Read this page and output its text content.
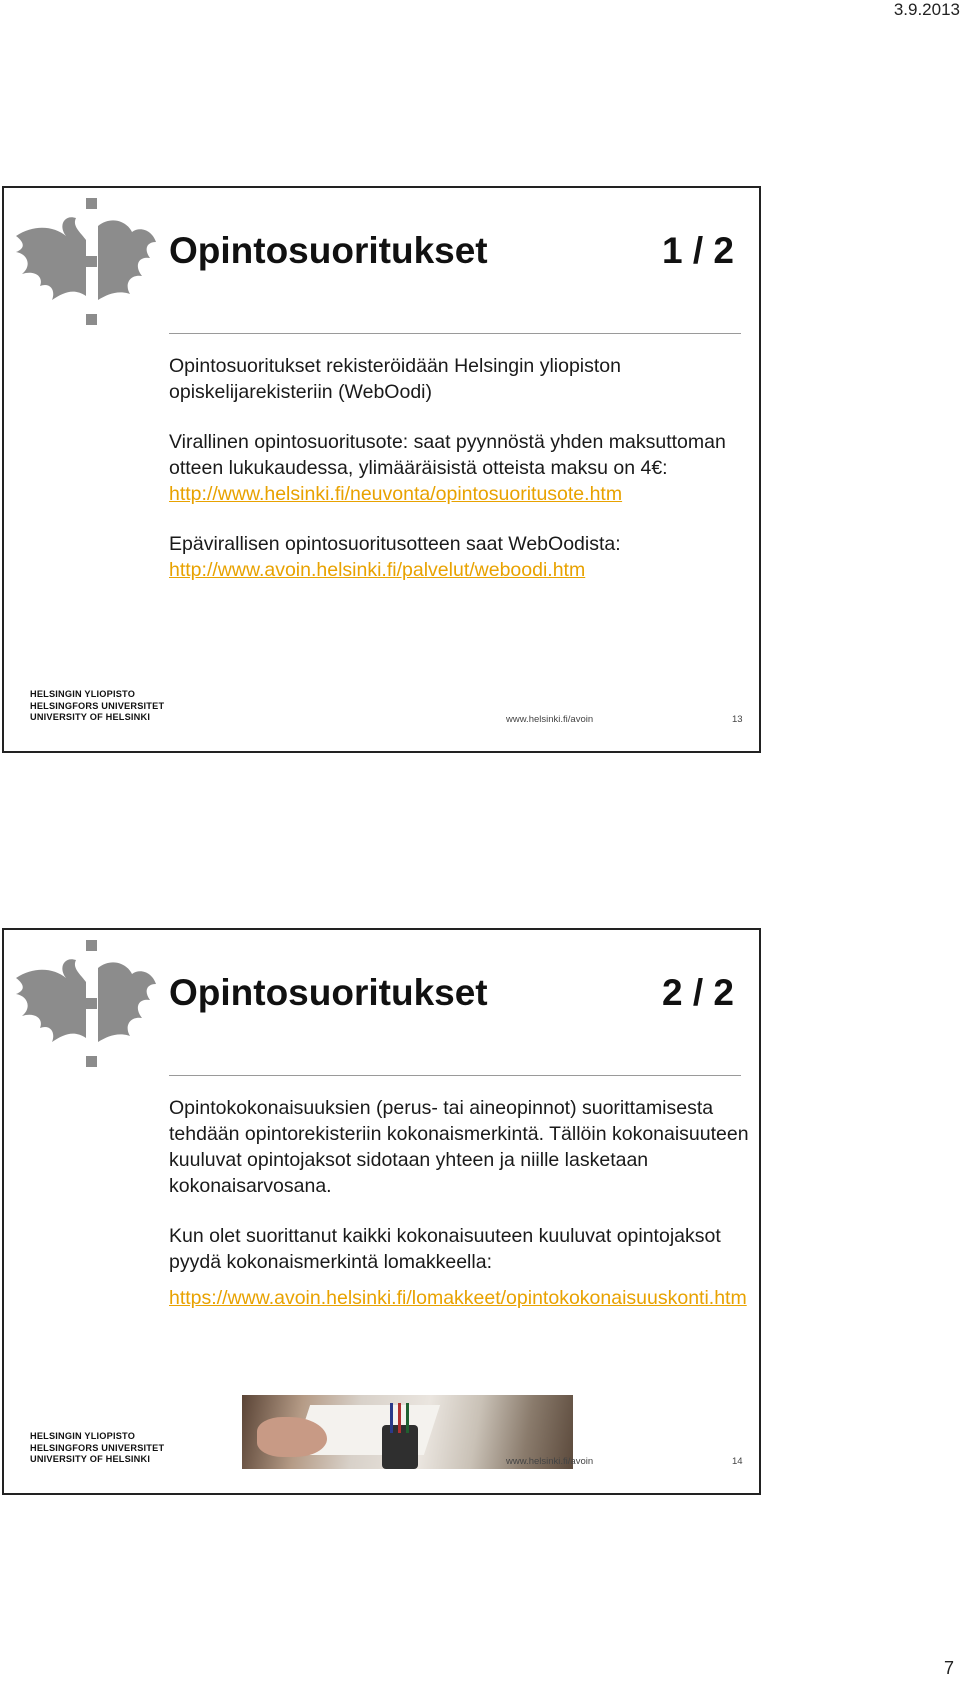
3.9.2013
Opintosuoritukset	1 / 2

Opintosuoritukset rekisteröidään Helsingin yliopiston opiskelijarekisteriin (WebOodi)

Virallinen opintosuoritusote: saat pyynnöstä yhden maksuttoman otteen lukukaudessa, ylimääräisistä otteista maksu on 4€:
http://www.helsinki.fi/neuvonta/opintosuoritusote.htm

Epävirallisen opintosuoritusotteen saat WebOodista:
http://www.avoin.helsinki.fi/palvelut/weboodi.htm

HELSINGIN YLIOPISTO
HELSINGFORS UNIVERSITET
UNIVERSITY OF HELSINKI	www.helsinki.fi/avoin	13
Opintosuoritukset	2 / 2

Opintokokonaisuuksien (perus- tai aineopinnot) suorittamisesta tehdään opintorekisteriin kokonaismerkintä. Tällöin kokonaisuuteen kuuluvat opintojaksot sidotaan yhteen ja niille lasketaan kokonaisarvosana.

Kun olet suorittanut kaikki kokonaisuuteen kuuluvat opintojaksot pyydä kokonaismerkintä lomakkeella:
https://www.avoin.helsinki.fi/lomakkeet/opintokokonaisuuskonti.htm

HELSINGIN YLIOPISTO
HELSINGFORS UNIVERSITET
UNIVERSITY OF HELSINKI	www.helsinki.fi/avoin	14
7
